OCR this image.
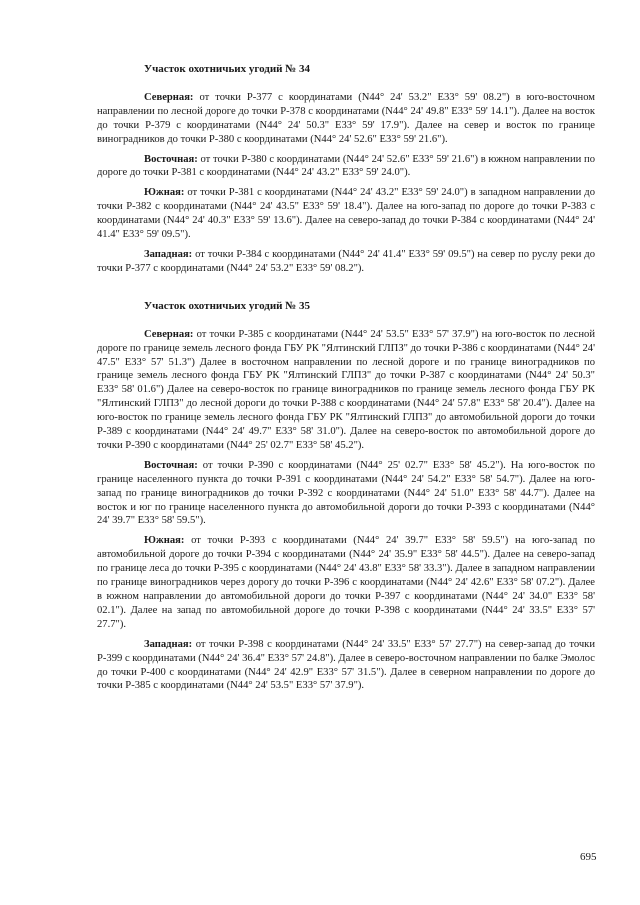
Участок охотничьих угодий № 34

Северная: от точки Р-377 с координатами (N44° 24' 53.2" E33° 59' 08.2") в юго-восточном направлении по лесной дороге до точки Р-378 с координатами (N44° 24' 49.8" E33° 59' 14.1"). Далее на восток до точки Р-379 с координатами (N44° 24' 50.3" E33° 59' 17.9"). Далее на север и восток по границе виноградников до точки Р-380 с координатами (N44° 24' 52.6" E33° 59' 21.6").

Восточная: от точки Р-380 с координатами (N44° 24' 52.6" E33° 59' 21.6") в южном направлении по дороге до точки Р-381 с координатами (N44° 24' 43.2" E33° 59' 24.0").

Южная: от точки Р-381 с координатами (N44° 24' 43.2" E33° 59' 24.0") в западном направлении до точки Р-382 с координатами (N44° 24' 43.5" E33° 59' 18.4"). Далее на юго-запад по дороге до точки Р-383 с координатами (N44° 24' 40.3" E33° 59' 13.6"). Далее на северо-запад до точки Р-384 с координатами (N44° 24' 41.4" E33° 59' 09.5").

Западная: от точки Р-384 с координатами (N44° 24' 41.4" E33° 59' 09.5") на север по руслу реки до точки Р-377 с координатами (N44° 24' 53.2" E33° 59' 08.2").

Участок охотничьих угодий № 35

Северная: от точки Р-385 с координатами (N44° 24' 53.5" E33° 57' 37.9") на юго-восток по лесной дороге по границе земель лесного фонда ГБУ РК "Ялтинский ГЛПЗ" до точки Р-386 с координатами (N44° 24' 47.5" E33° 57' 51.3") Далее в восточном направлении по лесной дороге и по границе виноградников по границе земель лесного фонда ГБУ РК "Ялтинский ГЛПЗ" до точки Р-387 с координатами (N44° 24' 50.3" E33° 58' 01.6") Далее на северо-восток по границе виноградников по границе земель лесного фонда ГБУ РК "Ялтинский ГЛПЗ" до лесной дороги до точки Р-388 с координатами (N44° 24' 57.8" E33° 58' 20.4"). Далее на юго-восток по границе земель лесного фонда ГБУ РК "Ялтинский ГЛПЗ" до автомобильной дороги до точки Р-389 с координатами (N44° 24' 49.7" E33° 58' 31.0"). Далее на северо-восток по автомобильной дороге до точки Р-390 с координатами (N44° 25' 02.7" E33° 58' 45.2").

Восточная: от точки Р-390 с координатами (N44° 25' 02.7" E33° 58' 45.2"). На юго-восток по границе населенного пункта до точки Р-391 с координатами (N44° 24' 54.2" E33° 58' 54.7"). Далее на юго-запад по границе виноградников до точки Р-392 с координатами (N44° 24' 51.0" E33° 58' 44.7"). Далее на восток и юг по границе населенного пункта до автомобильной дороги до точки Р-393 с координатами (N44° 24' 39.7" E33° 58' 59.5").

Южная: от точки Р-393 с координатами (N44° 24' 39.7" E33° 58' 59.5") на юго-запад по автомобильной дороге до точки Р-394 с координатами (N44° 24' 35.9" E33° 58' 44.5"). Далее на северо-запад по границе леса до точки Р-395 с координатами (N44° 24' 43.8" E33° 58' 33.3"). Далее в западном направлении по границе виноградников через дорогу до точки Р-396 с координатами (N44° 24' 42.6" E33° 58' 07.2"). Далее в южном направлении до автомобильной дороги до точки Р-397 с координатами (N44° 24' 34.0" E33° 58' 02.1"). Далее на запад по автомобильной дороге до точки Р-398 с координатами (N44° 24' 33.5" E33° 57' 27.7").

Западная: от точки Р-398 с координатами (N44° 24' 33.5" E33° 57' 27.7") на север-запад до точки Р-399 с координатами (N44° 24' 36.4" E33° 57' 24.8"). Далее в северо-восточном направлении по балке Эмолос до точки Р-400 с координатами (N44° 24' 42.9" E33° 57' 31.5"). Далее в северном направлении по дороге до точки Р-385 с координатами (N44° 24' 53.5" E33° 57' 37.9").

695
